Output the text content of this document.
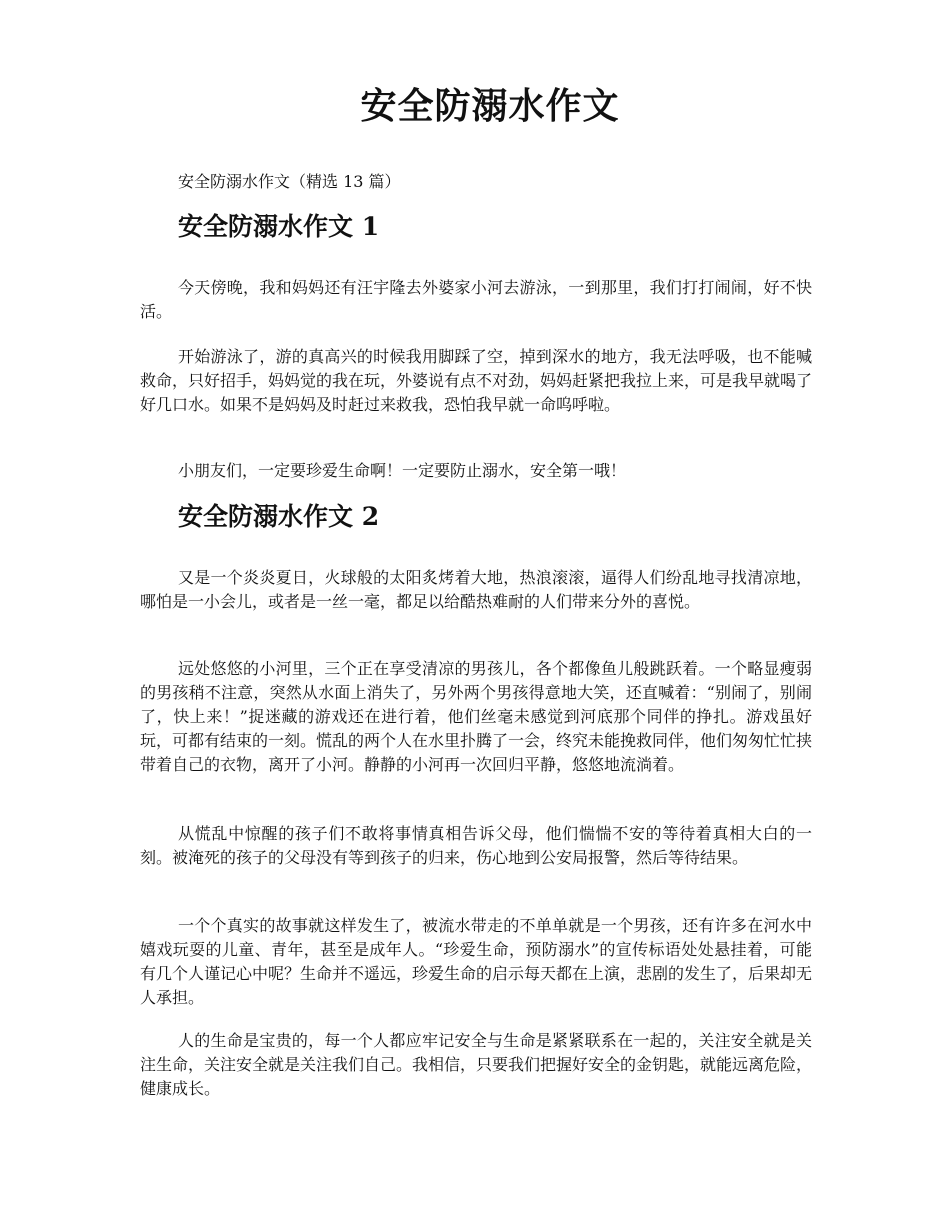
安全防溺水作文

安全防溺水作文（精选 13 篇）

安全防溺水作文 1

今天傍晚，我和妈妈还有汪宇隆去外婆家小河去游泳，一到那里，我们打打闹闹，好不快活。

开始游泳了，游的真高兴的时候我用脚踩了空，掉到深水的地方，我无法呼吸，也不能喊救命，只好招手，妈妈觉的我在玩，外婆说有点不对劲，妈妈赶紧把我拉上来，可是我早就喝了好几口水。如果不是妈妈及时赶过来救我，恐怕我早就一命呜呼啦。

小朋友们，一定要珍爱生命啊！一定要防止溺水，安全第一哦！

安全防溺水作文 2

又是一个炎炎夏日，火球般的太阳炙烤着大地，热浪滚滚，逼得人们纷乱地寻找清凉地，哪怕是一小会儿，或者是一丝一毫，都足以给酷热难耐的人们带来分外的喜悦。

远处悠悠的小河里，三个正在享受清凉的男孩儿，各个都像鱼儿般跳跃着。一个略显瘦弱的男孩稍不注意，突然从水面上消失了，另外两个男孩得意地大笑，还直喊着：“别闹了，别闹了，快上来！”捉迷藏的游戏还在进行着，他们丝毫未感觉到河底那个同伴的挣扎。游戏虽好玩，可都有结束的一刻。慌乱的两个人在水里扑腾了一会，终究未能挽救同伴，他们匆匆忙忙挟带着自己的衣物，离开了小河。静静的小河再一次回归平静，悠悠地流淌着。

从慌乱中惊醒的孩子们不敢将事情真相告诉父母，他们惴惴不安的等待着真相大白的一刻。被淹死的孩子的父母没有等到孩子的归来，伤心地到公安局报警，然后等待结果。

一个个真实的故事就这样发生了，被流水带走的不单单就是一个男孩，还有许多在河水中嬉戏玩耍的儿童、青年，甚至是成年人。“珍爱生命，预防溺水”的宣传标语处处悬挂着，可能有几个人谨记心中呢？生命并不遥远，珍爱生命的启示每天都在上演，悲剧的发生了，后果却无人承担。

人的生命是宝贵的，每一个人都应牢记安全与生命是紧紧联系在一起的，关注安全就是关注生命，关注安全就是关注我们自己。我相信，只要我们把握好安全的金钥匙，就能远离危险，健康成长。
